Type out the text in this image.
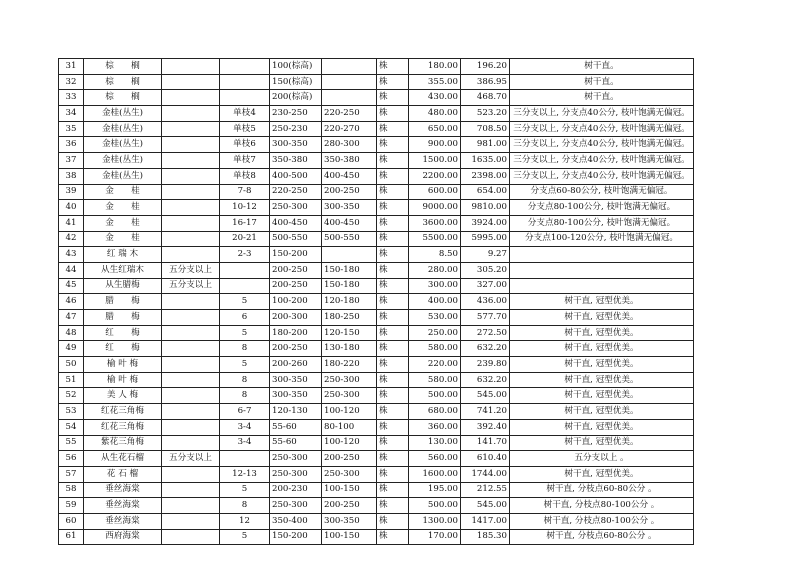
31	棕　　榈			100(棕高)		株	180.00	196.20	树干直。
32	棕　　榈			150(棕高)		株	355.00	386.95	树干直。
33	棕　　榈			200(棕高)		株	430.00	468.70	树干直。
34	金桂(丛生)		单枝4	230-250	220-250	株	480.00	523.20	三分支以上, 分支点40公分, 枝叶饱满无偏冠。
35	金桂(丛生)		单枝5	250-230	220-270	株	650.00	708.50	三分支以上, 分支点40公分, 枝叶饱满无偏冠。
36	金桂(丛生)		单枝6	300-350	280-300	株	900.00	981.00	三分支以上, 分支点40公分, 枝叶饱满无偏冠。
37	金桂(丛生)		单枝7	350-380	350-380	株	1500.00	1635.00	三分支以上, 分支点40公分, 枝叶饱满无偏冠。
38	金桂(丛生)		单枝8	400-500	400-450	株	2200.00	2398.00	三分支以上, 分支点40公分, 枝叶饱满无偏冠。
39	金　　桂		7-8	220-250	200-250	株	600.00	654.00	分支点60-80公分, 枝叶饱满无偏冠。
40	金　　桂		10-12	250-300	300-350	株	9000.00	9810.00	分支点80-100公分, 枝叶饱满无偏冠。
41	金　　桂		16-17	400-450	400-450	株	3600.00	3924.00	分支点80-100公分, 枝叶饱满无偏冠。
42	金　　桂		20-21	500-550	500-550	株	5500.00	5995.00	分支点100-120公分, 枝叶饱满无偏冠。
43	红 瑞 木		2-3	150-200		株	8.50	9.27	
44	从生红瑞木	五分支以上		200-250	150-180	株	280.00	305.20	
45	从生腊梅	五分支以上		200-250	150-180	株	300.00	327.00	
46	腊　　梅		5	100-200	120-180	株	400.00	436.00	树干直, 冠型优美。
47	腊　　梅		6	200-300	180-250	株	530.00	577.70	树干直, 冠型优美。
48	红　　梅		5	180-200	120-150	株	250.00	272.50	树干直, 冠型优美。
49	红　　梅		8	200-250	130-180	株	580.00	632.20	树干直, 冠型优美。
50	榆 叶 梅		5	200-260	180-220	株	220.00	239.80	树干直, 冠型优美。
51	榆 叶 梅		8	300-350	250-300	株	580.00	632.20	树干直, 冠型优美。
52	美 人 梅		8	300-350	250-300	株	500.00	545.00	树干直, 冠型优美。
53	红花三角梅		6-7	120-130	100-120	株	680.00	741.20	树干直, 冠型优美。
54	红花三角梅		3-4	55-60	80-100	株	360.00	392.40	树干直, 冠型优美。
55	紫花三角梅		3-4	55-60	100-120	株	130.00	141.70	树干直, 冠型优美。
56	从生花石榴	五分支以上		250-300	200-250	株	560.00	610.40	五分支以上 。
57	花 石 榴		12-13	250-300	250-300	株	1600.00	1744.00	树干直, 冠型优美。
58	垂丝海棠		5	200-230	100-150	株	195.00	212.55	树干直, 分枝点60-80公分 。
59	垂丝海棠		8	250-300	200-250	株	500.00	545.00	树干直, 分枝点80-100公分 。
60	垂丝海棠		12	350-400	300-350	株	1300.00	1417.00	树干直, 分枝点80-100公分 。
61	西府海棠		5	150-200	100-150	株	170.00	185.30	树干直, 分枝点60-80公分 。
